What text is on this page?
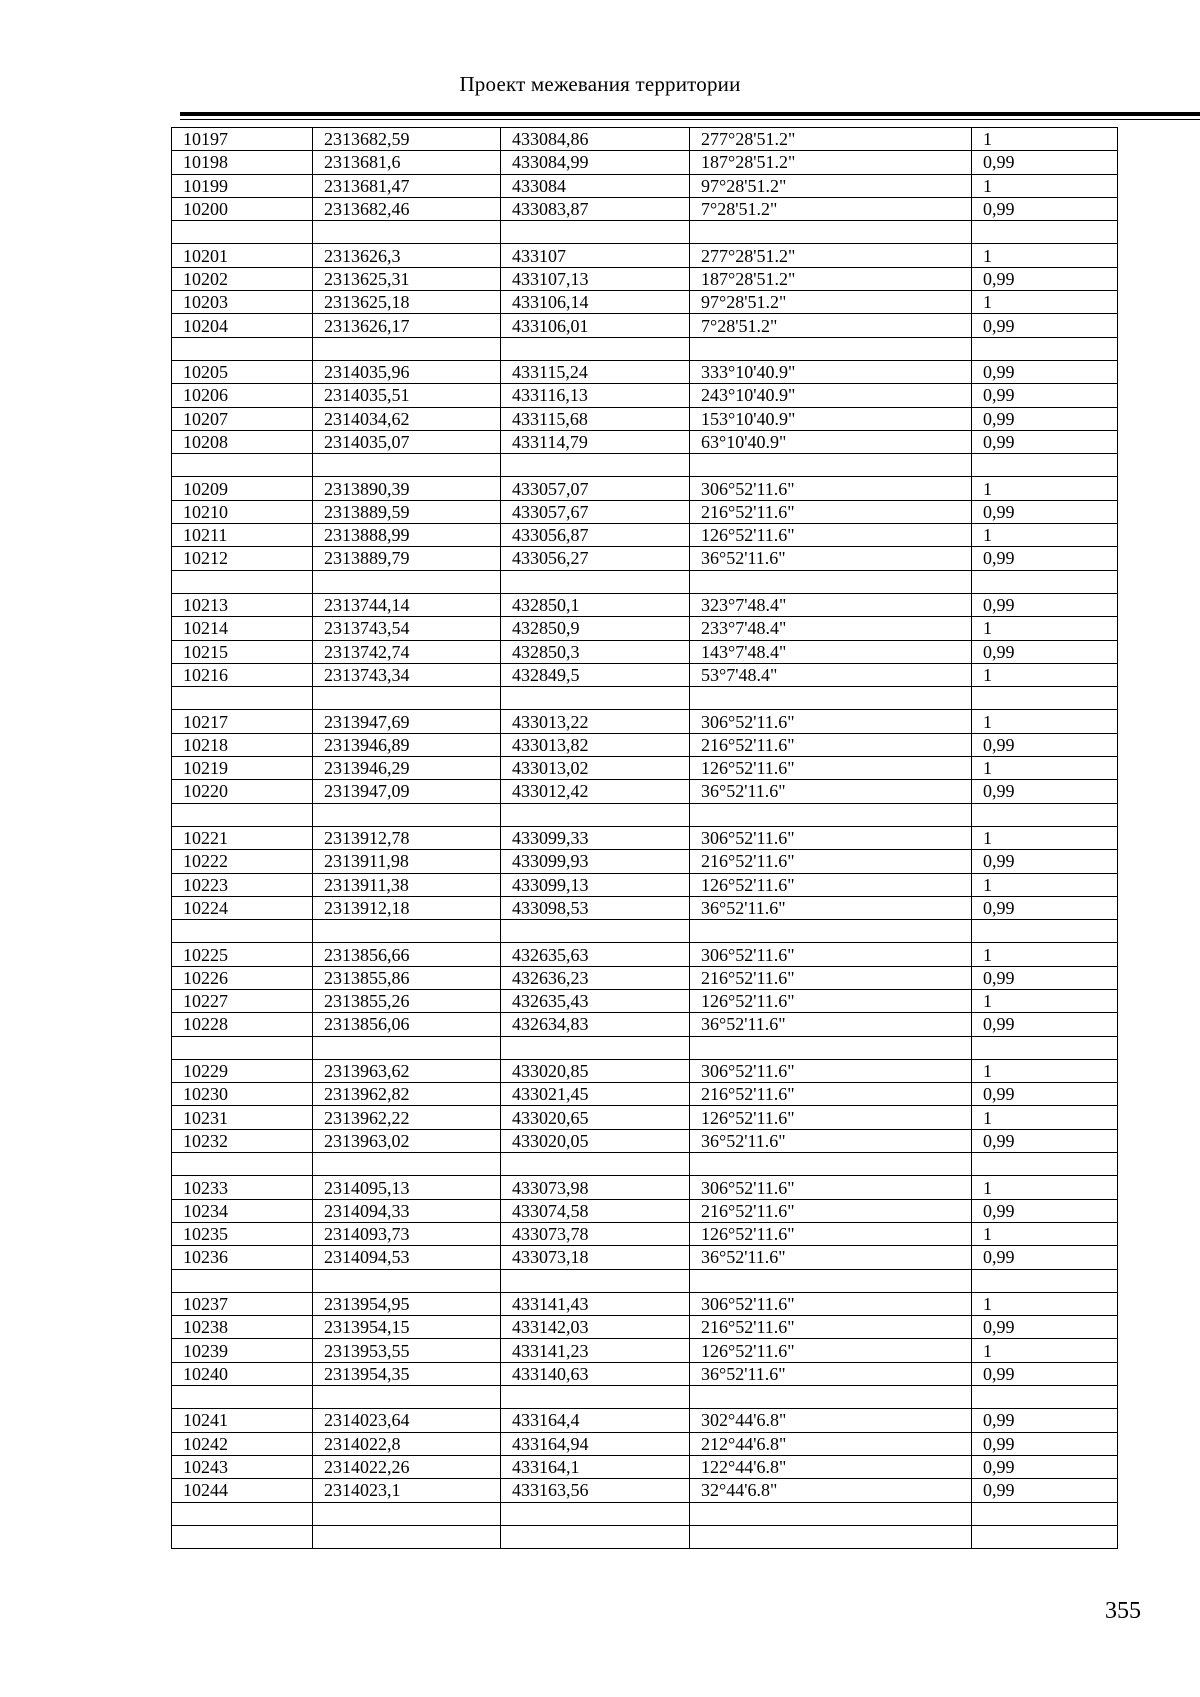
Проект межевания территории
10197	2313682,59	433084,86	277°28'51.2"	1
10198	2313681,6	433084,99	187°28'51.2"	0,99
10199	2313681,47	433084	97°28'51.2"	1
10200	2313682,46	433083,87	7°28'51.2"	0,99

10201	2313626,3	433107	277°28'51.2"	1
10202	2313625,31	433107,13	187°28'51.2"	0,99
10203	2313625,18	433106,14	97°28'51.2"	1
10204	2313626,17	433106,01	7°28'51.2"	0,99

10205	2314035,96	433115,24	333°10'40.9"	0,99
10206	2314035,51	433116,13	243°10'40.9"	0,99
10207	2314034,62	433115,68	153°10'40.9"	0,99
10208	2314035,07	433114,79	63°10'40.9"	0,99

10209	2313890,39	433057,07	306°52'11.6"	1
10210	2313889,59	433057,67	216°52'11.6"	0,99
10211	2313888,99	433056,87	126°52'11.6"	1
10212	2313889,79	433056,27	36°52'11.6"	0,99

10213	2313744,14	432850,1	323°7'48.4"	0,99
10214	2313743,54	432850,9	233°7'48.4"	1
10215	2313742,74	432850,3	143°7'48.4"	0,99
10216	2313743,34	432849,5	53°7'48.4"	1

10217	2313947,69	433013,22	306°52'11.6"	1
10218	2313946,89	433013,82	216°52'11.6"	0,99
10219	2313946,29	433013,02	126°52'11.6"	1
10220	2313947,09	433012,42	36°52'11.6"	0,99

10221	2313912,78	433099,33	306°52'11.6"	1
10222	2313911,98	433099,93	216°52'11.6"	0,99
10223	2313911,38	433099,13	126°52'11.6"	1
10224	2313912,18	433098,53	36°52'11.6"	0,99

10225	2313856,66	432635,63	306°52'11.6"	1
10226	2313855,86	432636,23	216°52'11.6"	0,99
10227	2313855,26	432635,43	126°52'11.6"	1
10228	2313856,06	432634,83	36°52'11.6"	0,99

10229	2313963,62	433020,85	306°52'11.6"	1
10230	2313962,82	433021,45	216°52'11.6"	0,99
10231	2313962,22	433020,65	126°52'11.6"	1
10232	2313963,02	433020,05	36°52'11.6"	0,99

10233	2314095,13	433073,98	306°52'11.6"	1
10234	2314094,33	433074,58	216°52'11.6"	0,99
10235	2314093,73	433073,78	126°52'11.6"	1
10236	2314094,53	433073,18	36°52'11.6"	0,99

10237	2313954,95	433141,43	306°52'11.6"	1
10238	2313954,15	433142,03	216°52'11.6"	0,99
10239	2313953,55	433141,23	126°52'11.6"	1
10240	2313954,35	433140,63	36°52'11.6"	0,99

10241	2314023,64	433164,4	302°44'6.8"	0,99
10242	2314022,8	433164,94	212°44'6.8"	0,99
10243	2314022,26	433164,1	122°44'6.8"	0,99
10244	2314023,1	433163,56	32°44'6.8"	0,99

355
